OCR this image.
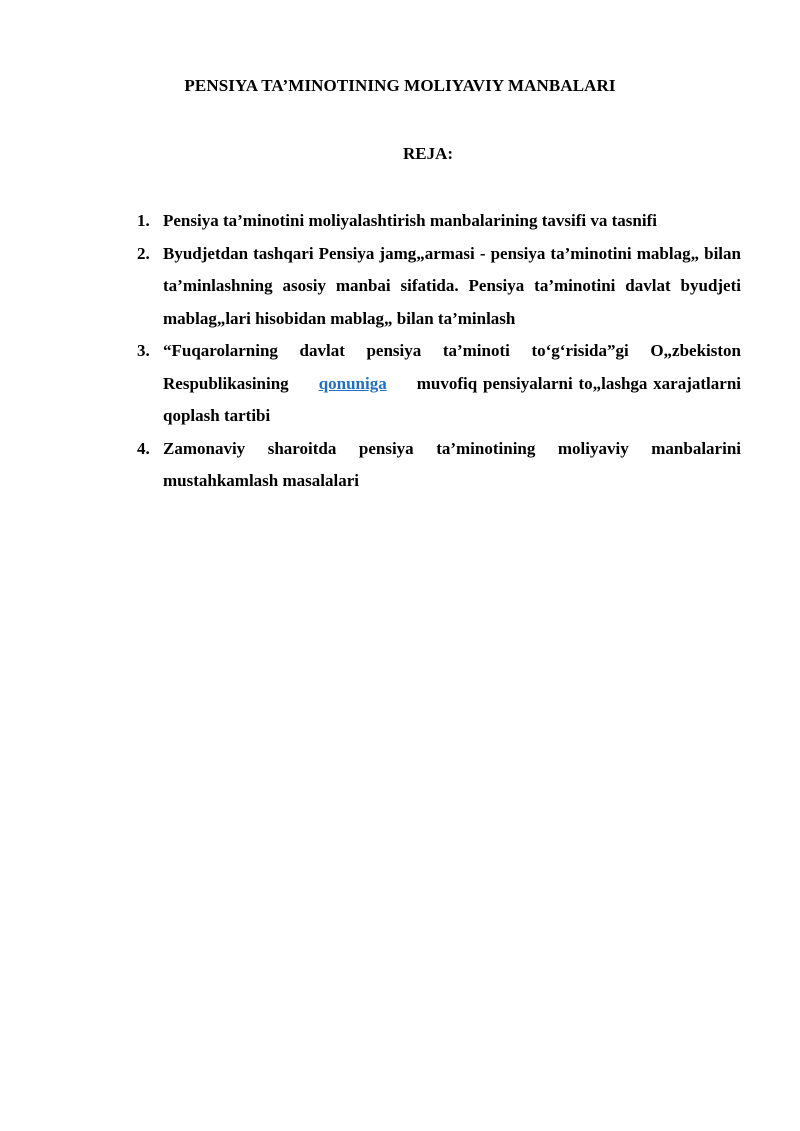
PENSIYA TA’MINOTINING MOLIYAVIY MANBALARI
REJA:
1. Pensiya ta’minotini moliyalashtirish manbalarining tavsifi va tasnifi
2. Byudjetdan tashqari Pensiya jamg„armasi - pensiya ta’minotini mablag„ bilan ta’minlashning asosiy manbai sifatida. Pensiya ta’minotini davlat byudjeti mablag„lari hisobidan mablag„ bilan ta’minlash
3. “Fuqarolarning davlat pensiya ta’minoti to‘g‘risida”gi O„zbekiston Respublikasining qonuniga muvofiq pensiyalarni to„lashga xarajatlarni qoplash tartibi
4. Zamonaviy sharoitda pensiya ta’minotining moliyaviy manbalarini mustahkamlash masalalari
